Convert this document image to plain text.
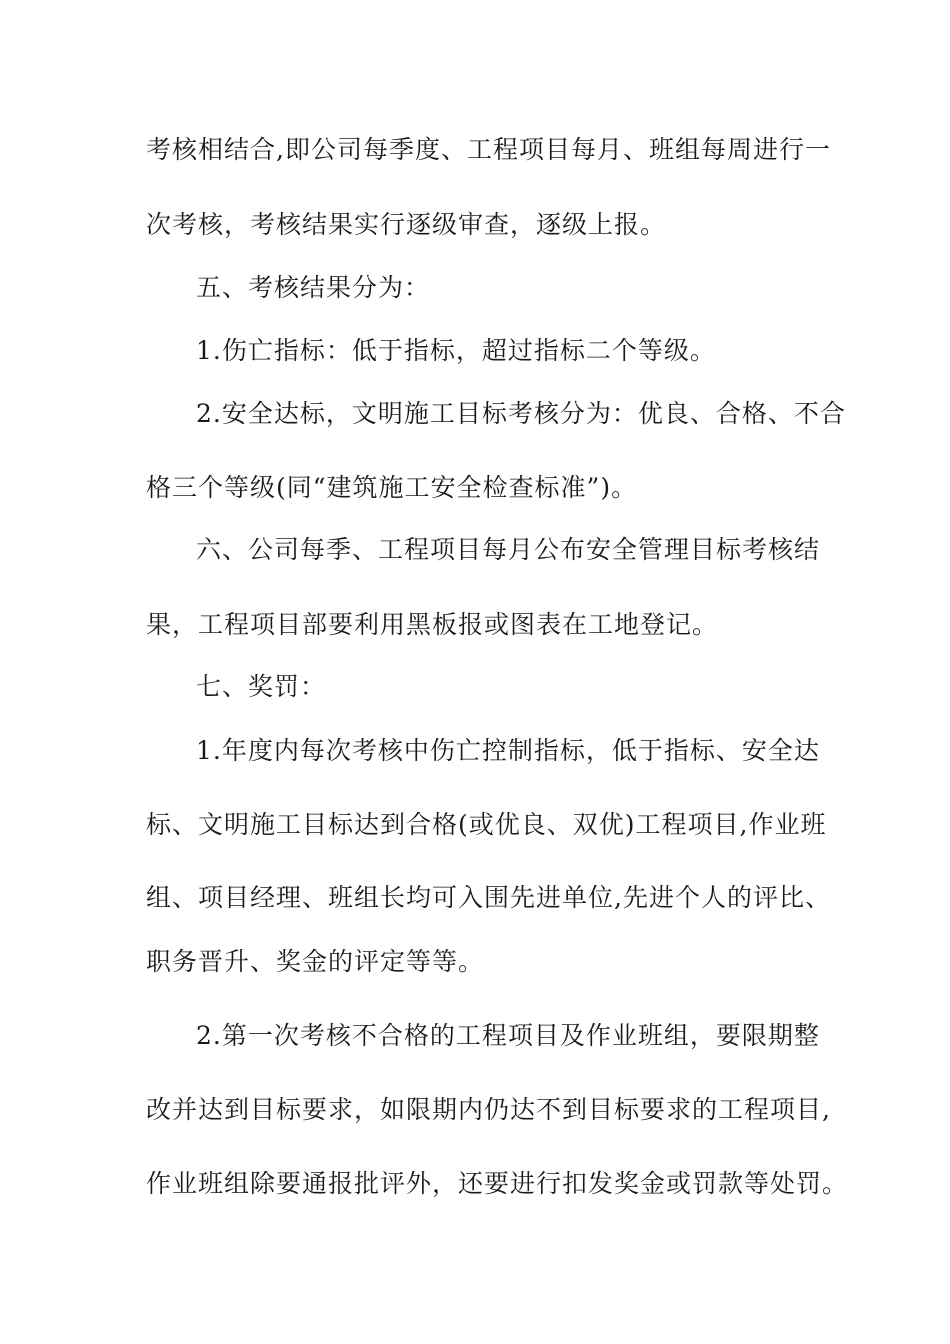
考核相结合,即公司每季度、工程项目每月、班组每周进行一
次考核，考核结果实行逐级审查，逐级上报。
五、考核结果分为：
1.伤亡指标：低于指标，超过指标二个等级。
2.安全达标，文明施工目标考核分为：优良、合格、不合
格三个等级(同“建筑施工安全检查标准”)。
六、公司每季、工程项目每月公布安全管理目标考核结
果，工程项目部要利用黑板报或图表在工地登记。
七、奖罚：
1.年度内每次考核中伤亡控制指标，低于指标、安全达
标、文明施工目标达到合格(或优良、双优)工程项目,作业班
组、项目经理、班组长均可入围先进单位,先进个人的评比、
职务晋升、奖金的评定等等。
2.第一次考核不合格的工程项目及作业班组，要限期整
改并达到目标要求，如限期内仍达不到目标要求的工程项目,
作业班组除要通报批评外，还要进行扣发奖金或罚款等处罚。
